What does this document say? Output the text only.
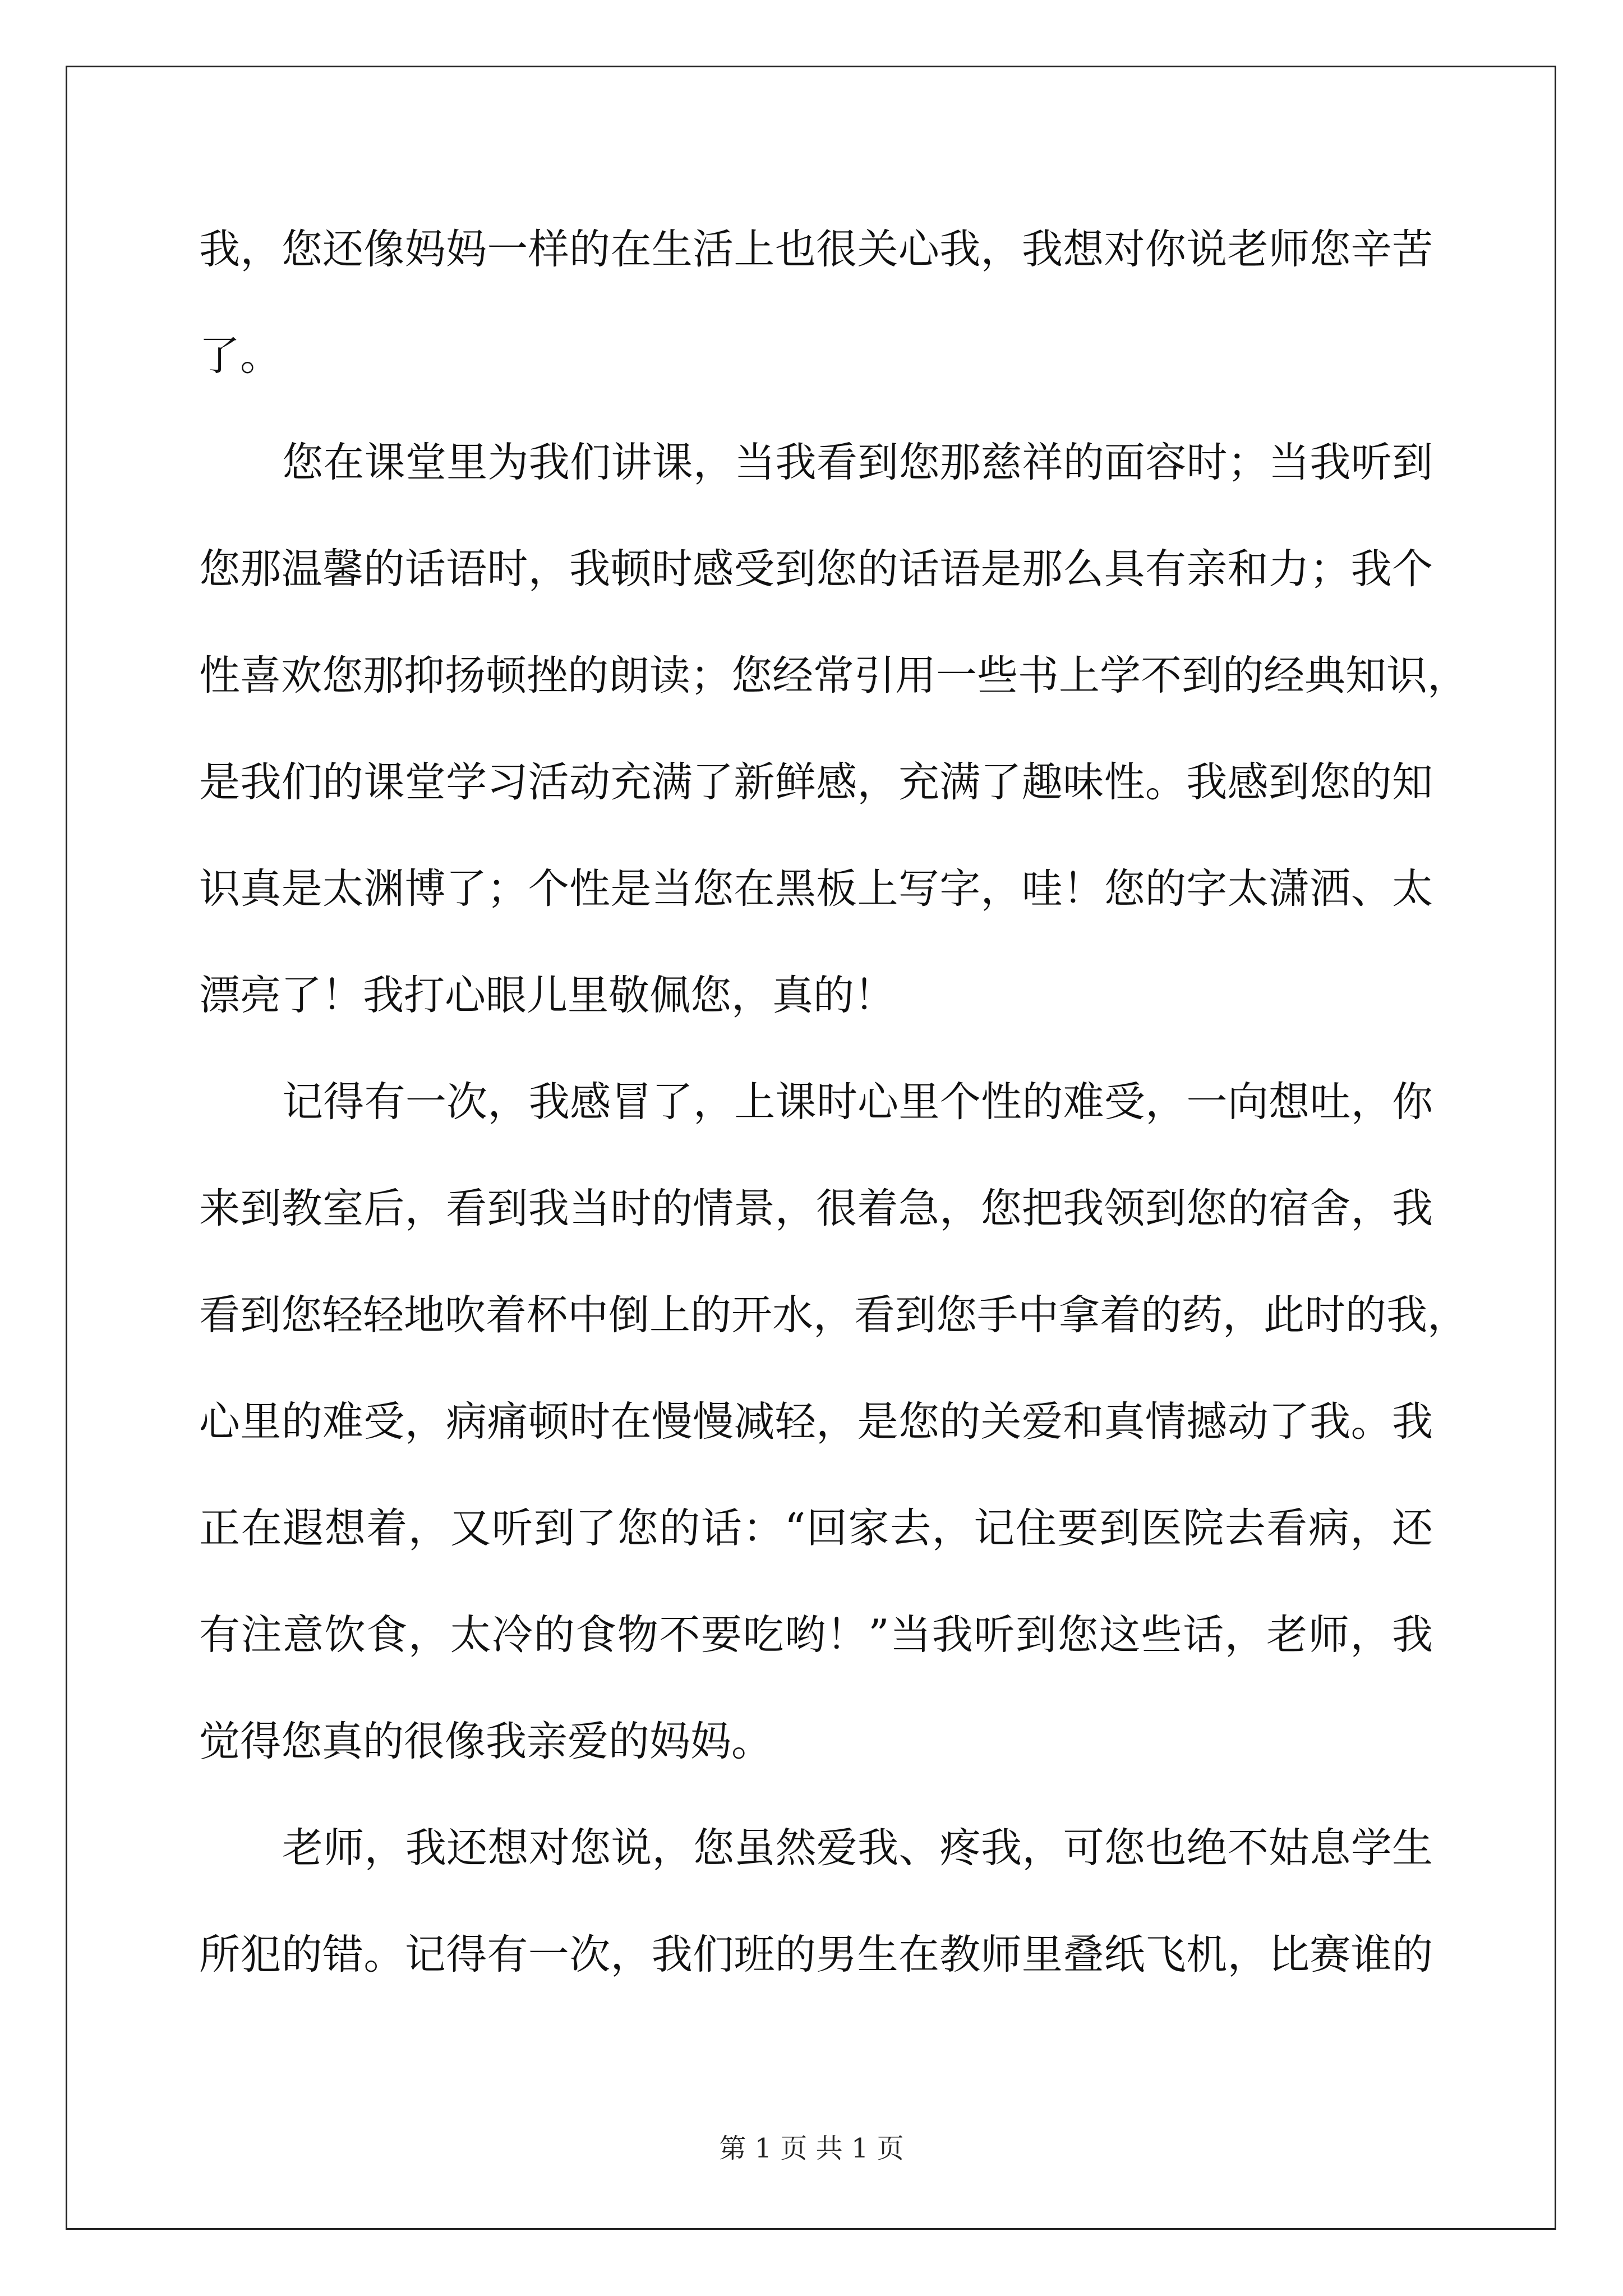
我，您还像妈妈一样的在生活上也很关心我，我想对你说老师您辛苦
了。
您在课堂里为我们讲课，当我看到您那慈祥的面容时；当我听到
您那温馨的话语时，我顿时感受到您的话语是那么具有亲和力；我个
性喜欢您那抑扬顿挫的朗读；您经常引用一些书上学不到的经典知识，
是我们的课堂学习活动充满了新鲜感，充满了趣味性。我感到您的知
识真是太渊博了；个性是当您在黑板上写字，哇！您的字太潇洒、太
漂亮了！我打心眼儿里敬佩您，真的！
记得有一次，我感冒了，上课时心里个性的难受，一向想吐，你
来到教室后，看到我当时的情景，很着急，您把我领到您的宿舍，我
看到您轻轻地吹着杯中倒上的开水，看到您手中拿着的药，此时的我，
心里的难受，病痛顿时在慢慢减轻，是您的关爱和真情撼动了我。我
正在遐想着，又听到了您的话：“回家去，记住要到医院去看病，还
有注意饮食，太冷的食物不要吃哟！”当我听到您这些话，老师，我
觉得您真的很像我亲爱的妈妈。
老师，我还想对您说，您虽然爱我、疼我，可您也绝不姑息学生
所犯的错。记得有一次，我们班的男生在教师里叠纸飞机，比赛谁的
第 1 页 共 1 页
